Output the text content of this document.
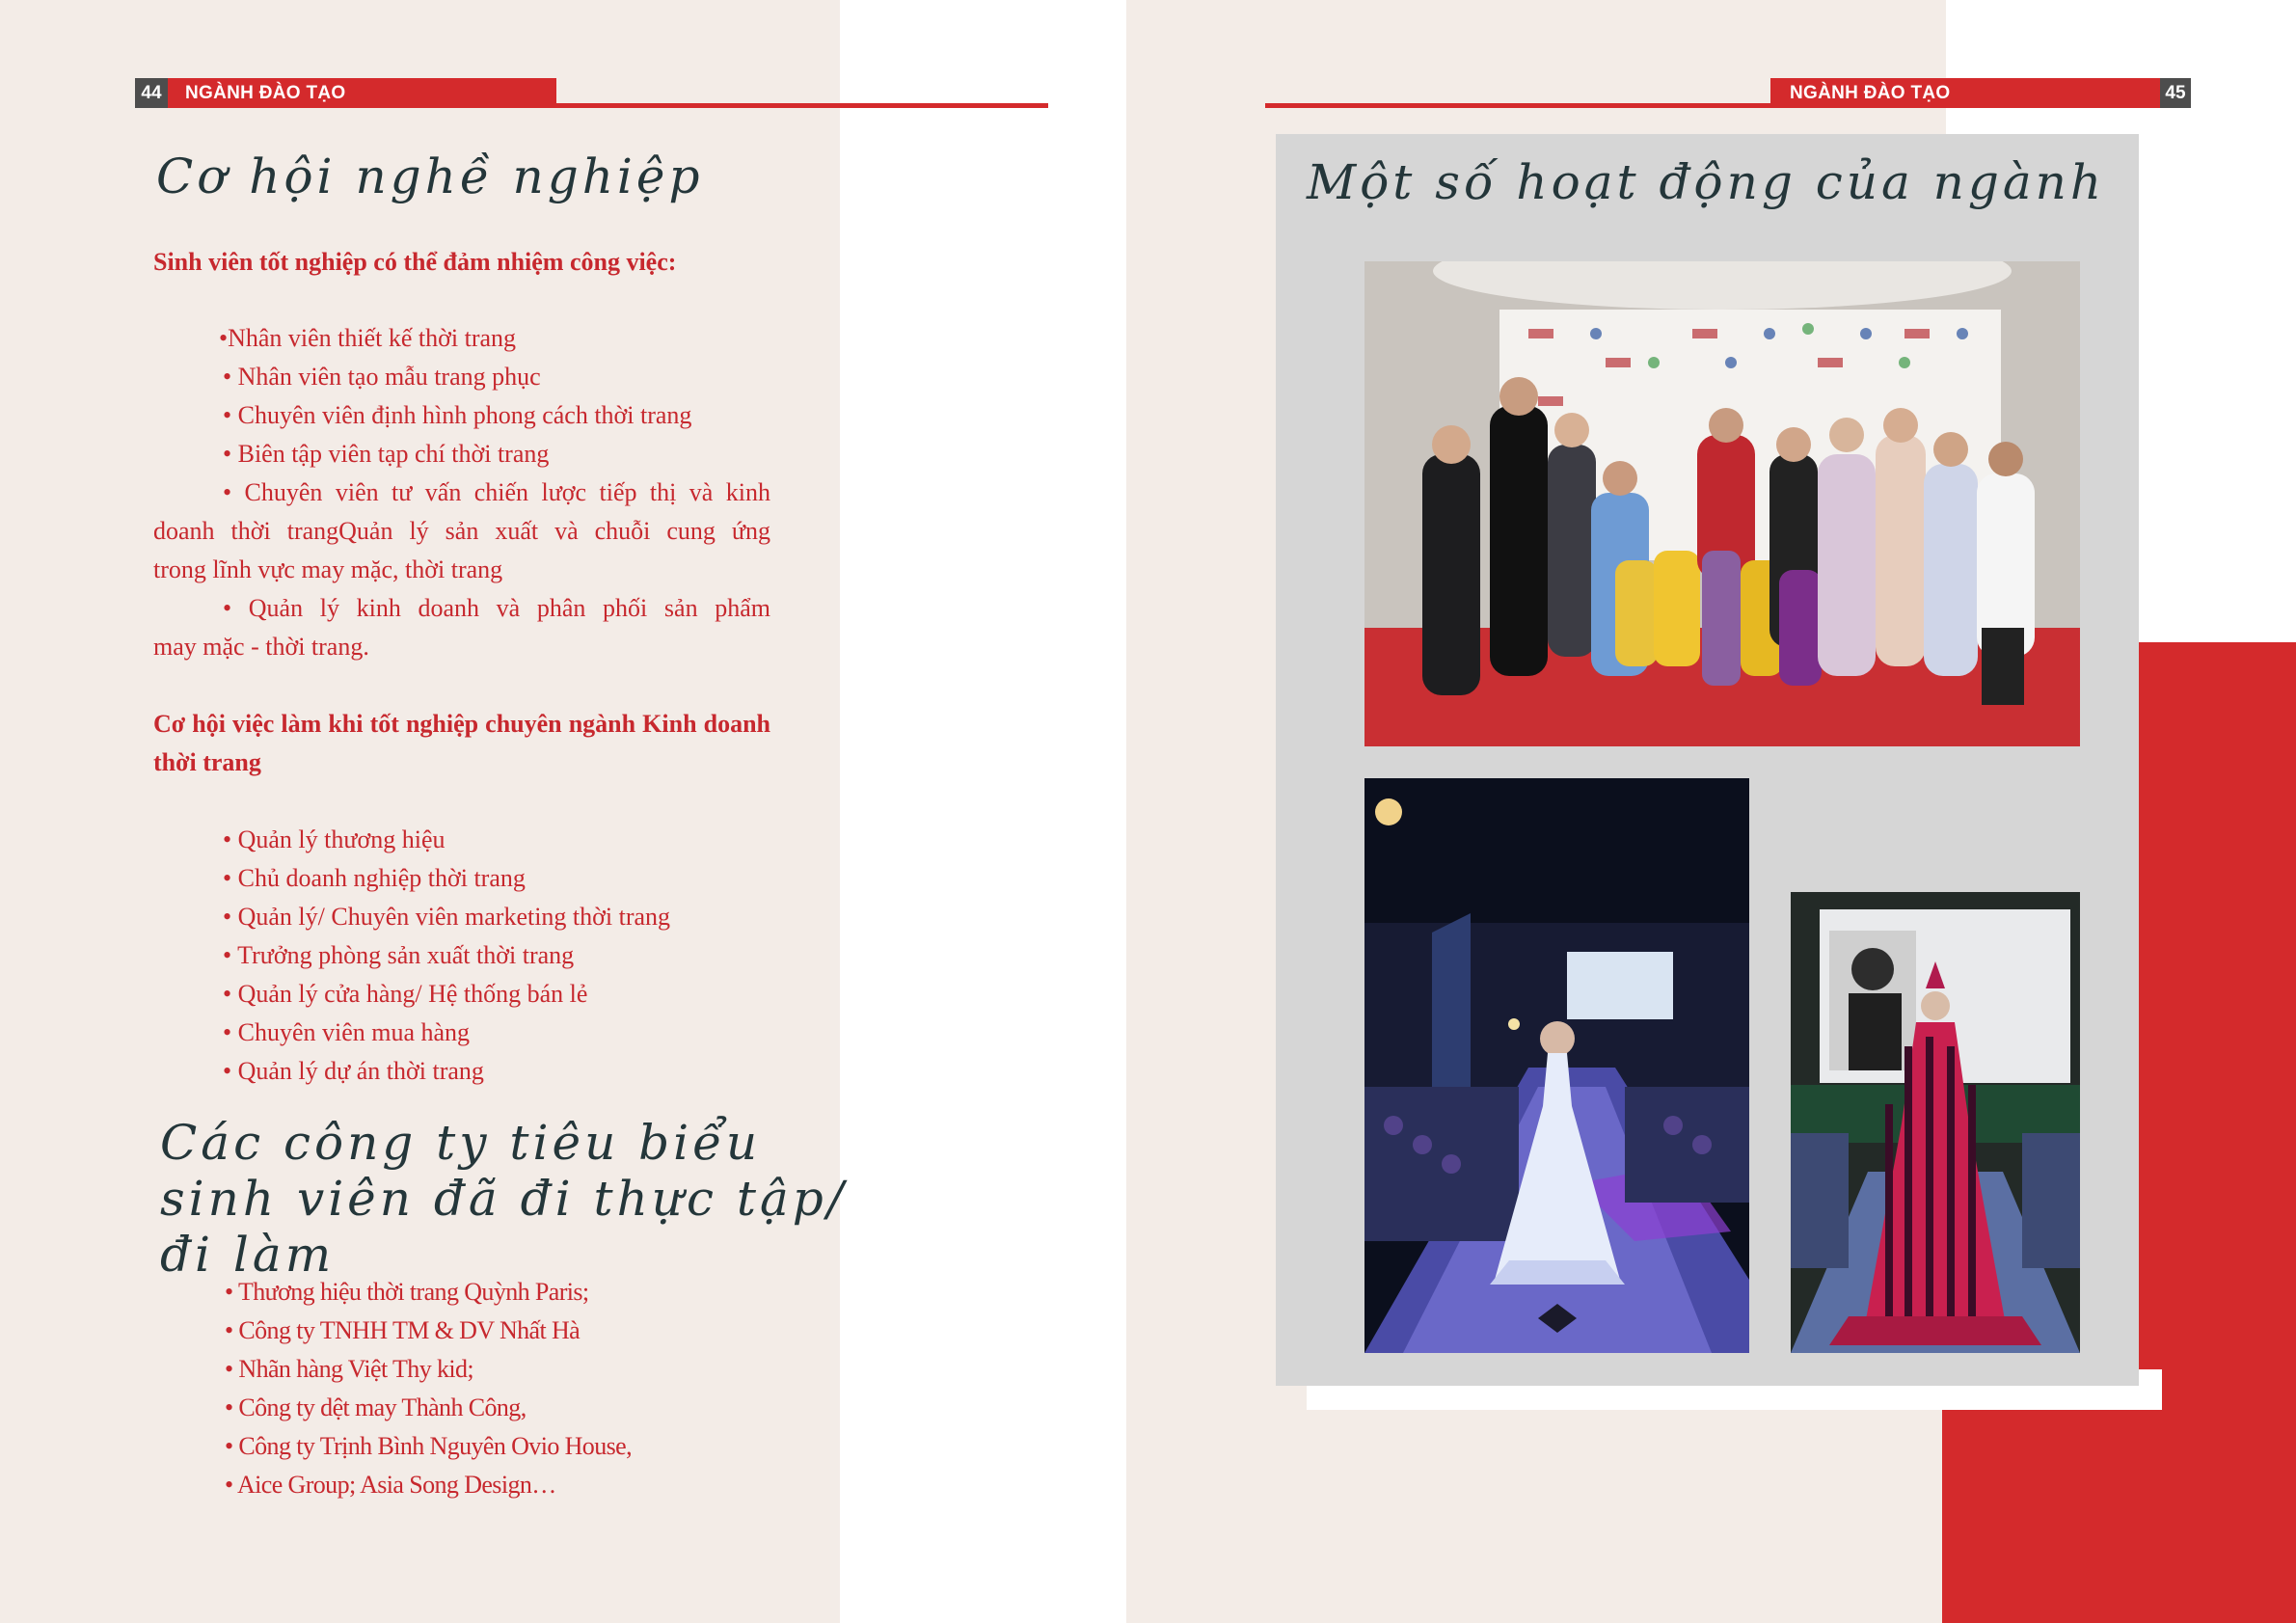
44	NGÀNH ĐÀO TẠO	NGÀNH ĐÀO TẠO	45
Cơ hội nghề nghiệp
Sinh viên tốt nghiệp có thể đảm nhiệm công việc:

•Nhân viên thiết kế thời trang

• Nhân viên tạo mẫu trang phục

• Chuyên viên định hình phong cách thời trang

• Biên tập viên tạp chí thời trang

• Chuyên viên tư vấn chiến lược tiếp thị và kinh

doanh thời trangQuản lý sản xuất và chuỗi cung ứng

trong lĩnh vực may mặc, thời trang

• Quản lý kinh doanh và phân phối sản phẩm

may mặc - thời trang.

Cơ hội việc làm khi tốt nghiệp chuyên ngành Kinh doanh thời trang
• Quản lý thương hiệu
• Chủ doanh nghiệp thời trang
• Quản lý/ Chuyên viên marketing thời trang
• Trưởng phòng sản xuất thời trang
• Quản lý cửa hàng/ Hệ thống bán lẻ
• Chuyên viên mua hàng
• Quản lý dự án thời trang
Các công ty tiêu biểu
sinh viên đã đi thực tập/ đi làm
• Thương hiệu thời trang Quỳnh Paris;
• Công ty TNHH TM & DV Nhất Hà
• Nhãn hàng Việt Thy kid;
• Công ty dệt may Thành Công,
• Công ty Trịnh Bình Nguyên Ovio House,
• Aice Group; Asia Song Design…
Một số hoạt động của ngành
